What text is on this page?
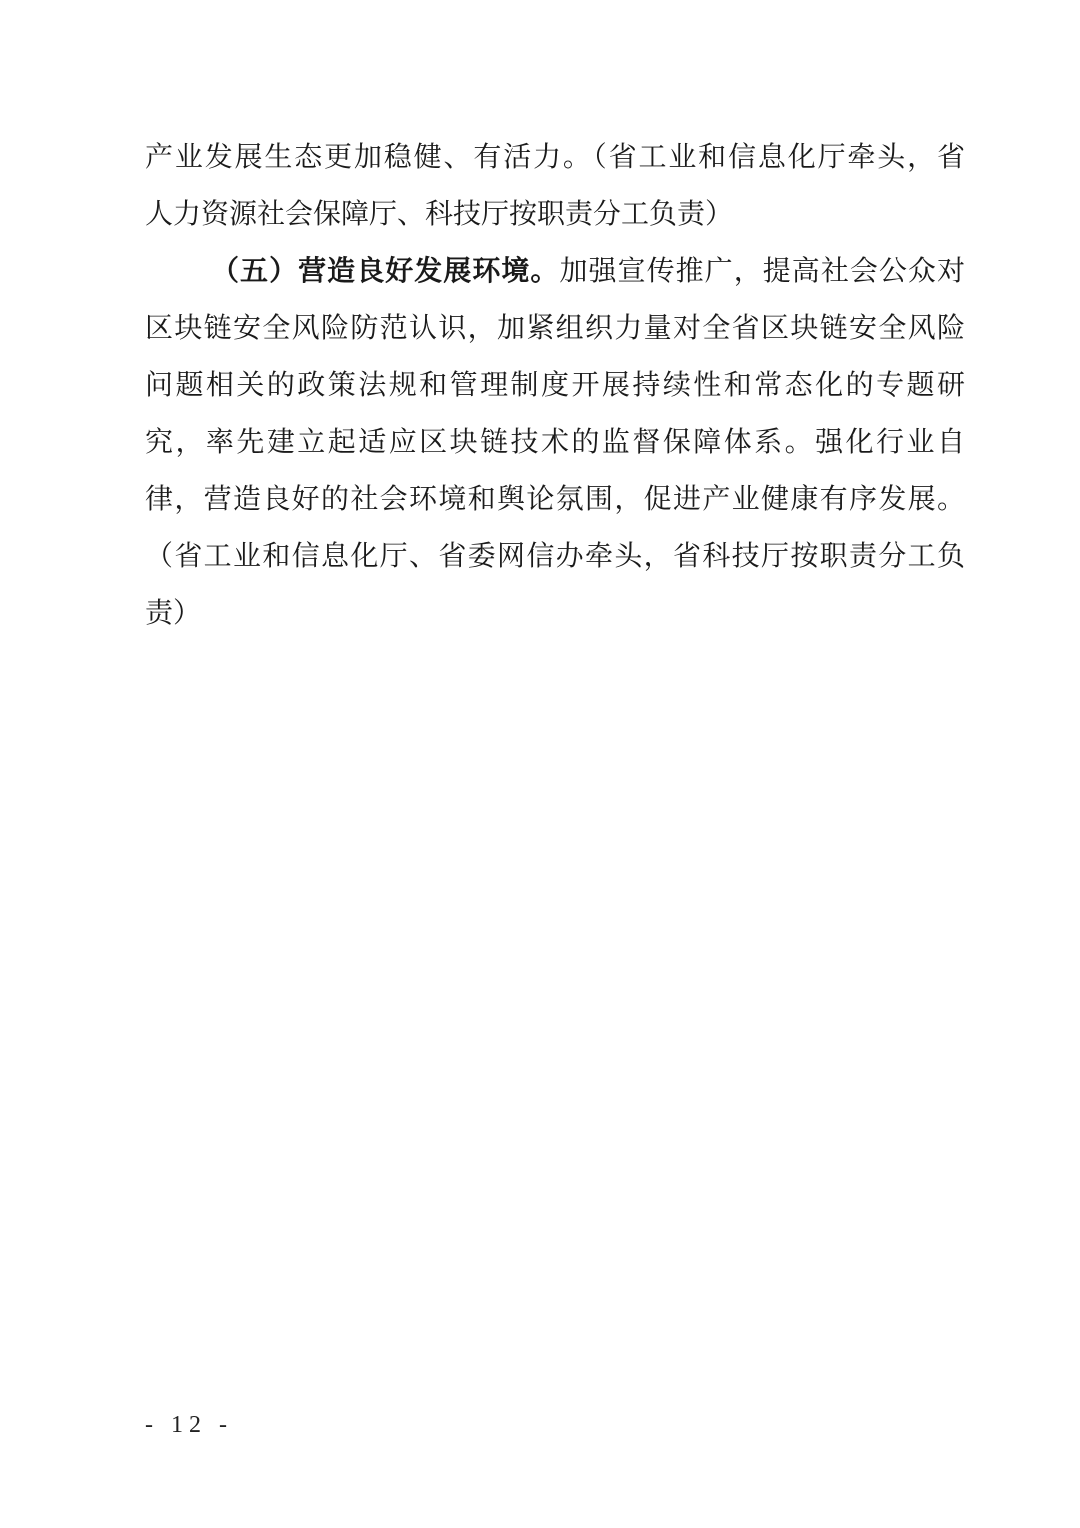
产业发展生态更加稳健、有活力。（省工业和信息化厅牵头，省
人力资源社会保障厅、科技厅按职责分工负责）
（五）营造良好发展环境。加强宣传推广，提高社会公众对
区块链安全风险防范认识，加紧组织力量对全省区块链安全风险
问题相关的政策法规和管理制度开展持续性和常态化的专题研
究，率先建立起适应区块链技术的监督保障体系。强化行业自
律，营造良好的社会环境和舆论氛围，促进产业健康有序发展。
（省工业和信息化厅、省委网信办牵头，省科技厅按职责分工负
责）
- 12 -
